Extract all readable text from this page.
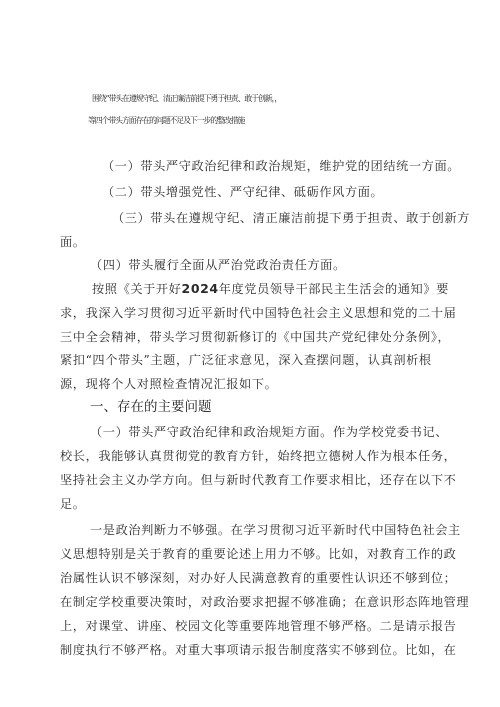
围绕“带头在遵规守纪、清正廉洁前提下勇于担责、敢于创新，，
等四个带头方面存在的问题不足及下一步的整改措施
（一）带头严守政治纪律和政治规矩，维护党的团结统一方面。
（二）带头增强党性、严守纪律、砥砺作风方面。
（三）带头在遵规守纪、清正廉洁前提下勇于担责、敢于创新方
面。
（四）带头履行全面从严治党政治责任方面。
按照《关于开好2024年度党员领导干部民主生活会的通知》要
求，我深入学习贯彻习近平新时代中国特色社会主义思想和党的二十届
三中全会精神，带头学习贯彻新修订的《中国共产党纪律处分条例》，
紧扣“四个带头”主题，广泛征求意见，深入查摆问题，认真剖析根
源，现将个人对照检查情况汇报如下。
一、存在的主要问题
（一）带头严守政治纪律和政治规矩方面。作为学校党委书记、
校长，我能够认真贯彻党的教育方针，始终把立德树人作为根本任务，
坚持社会主义办学方向。但与新时代教育工作要求相比，还存在以下不
足。
一是政治判断力不够强。在学习贯彻习近平新时代中国特色社会主
义思想特别是关于教育的重要论述上用力不够。比如，对教育工作的政
治属性认识不够深刻，对办好人民满意教育的重要性认识还不够到位；
在制定学校重要决策时，对政治要求把握不够准确；在意识形态阵地管理
上，对课堂、讲座、校园文化等重要阵地管理不够严格。二是请示报告
制度执行不够严格。对重大事项请示报告制度落实不够到位。比如，在
